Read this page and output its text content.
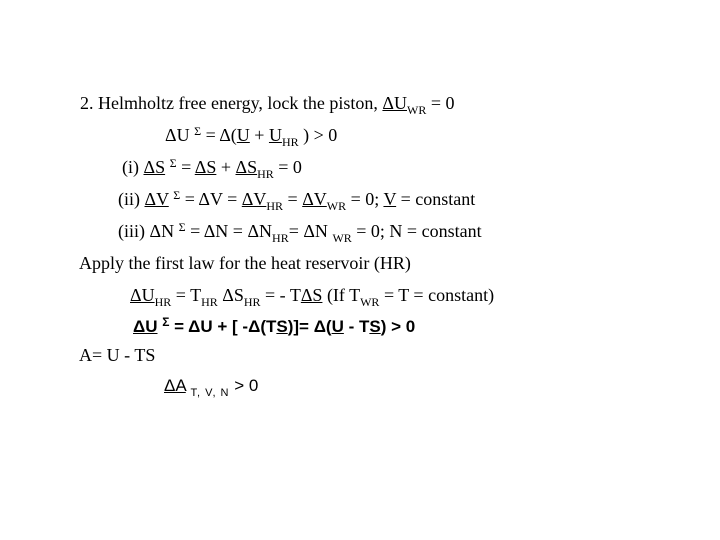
2. Helmholtz free energy, lock the piston, $\Delta U_{WR} = 0$
ΔU $^\Sigma = \Delta(U + U_{HR}$ ) > 0
(i) ΔS $^\Sigma = \Delta S + \Delta S_{HR} = 0$
(ii) ΔV $^\Sigma = \Delta V = \Delta V_{HR} = \Delta V_{WR} = 0$; V = constant
(iii) ΔN $^\Sigma = \Delta N = \Delta N_{HR}= \Delta N$ $_{WR}$ = 0; N = constant
Apply the first law for the heat reservoir (HR)
$\Delta U_{HR} = T_{HR}$ $\Delta S_{HR}$ = - TΔS (If $T_{WR} = T$ = constant)
ΔU $^\Sigma$ = ΔU + [ -Δ(TS)]= Δ(U - TS) > 0
A= U - TS
ΔA $_{T, V, N}$ > 0
